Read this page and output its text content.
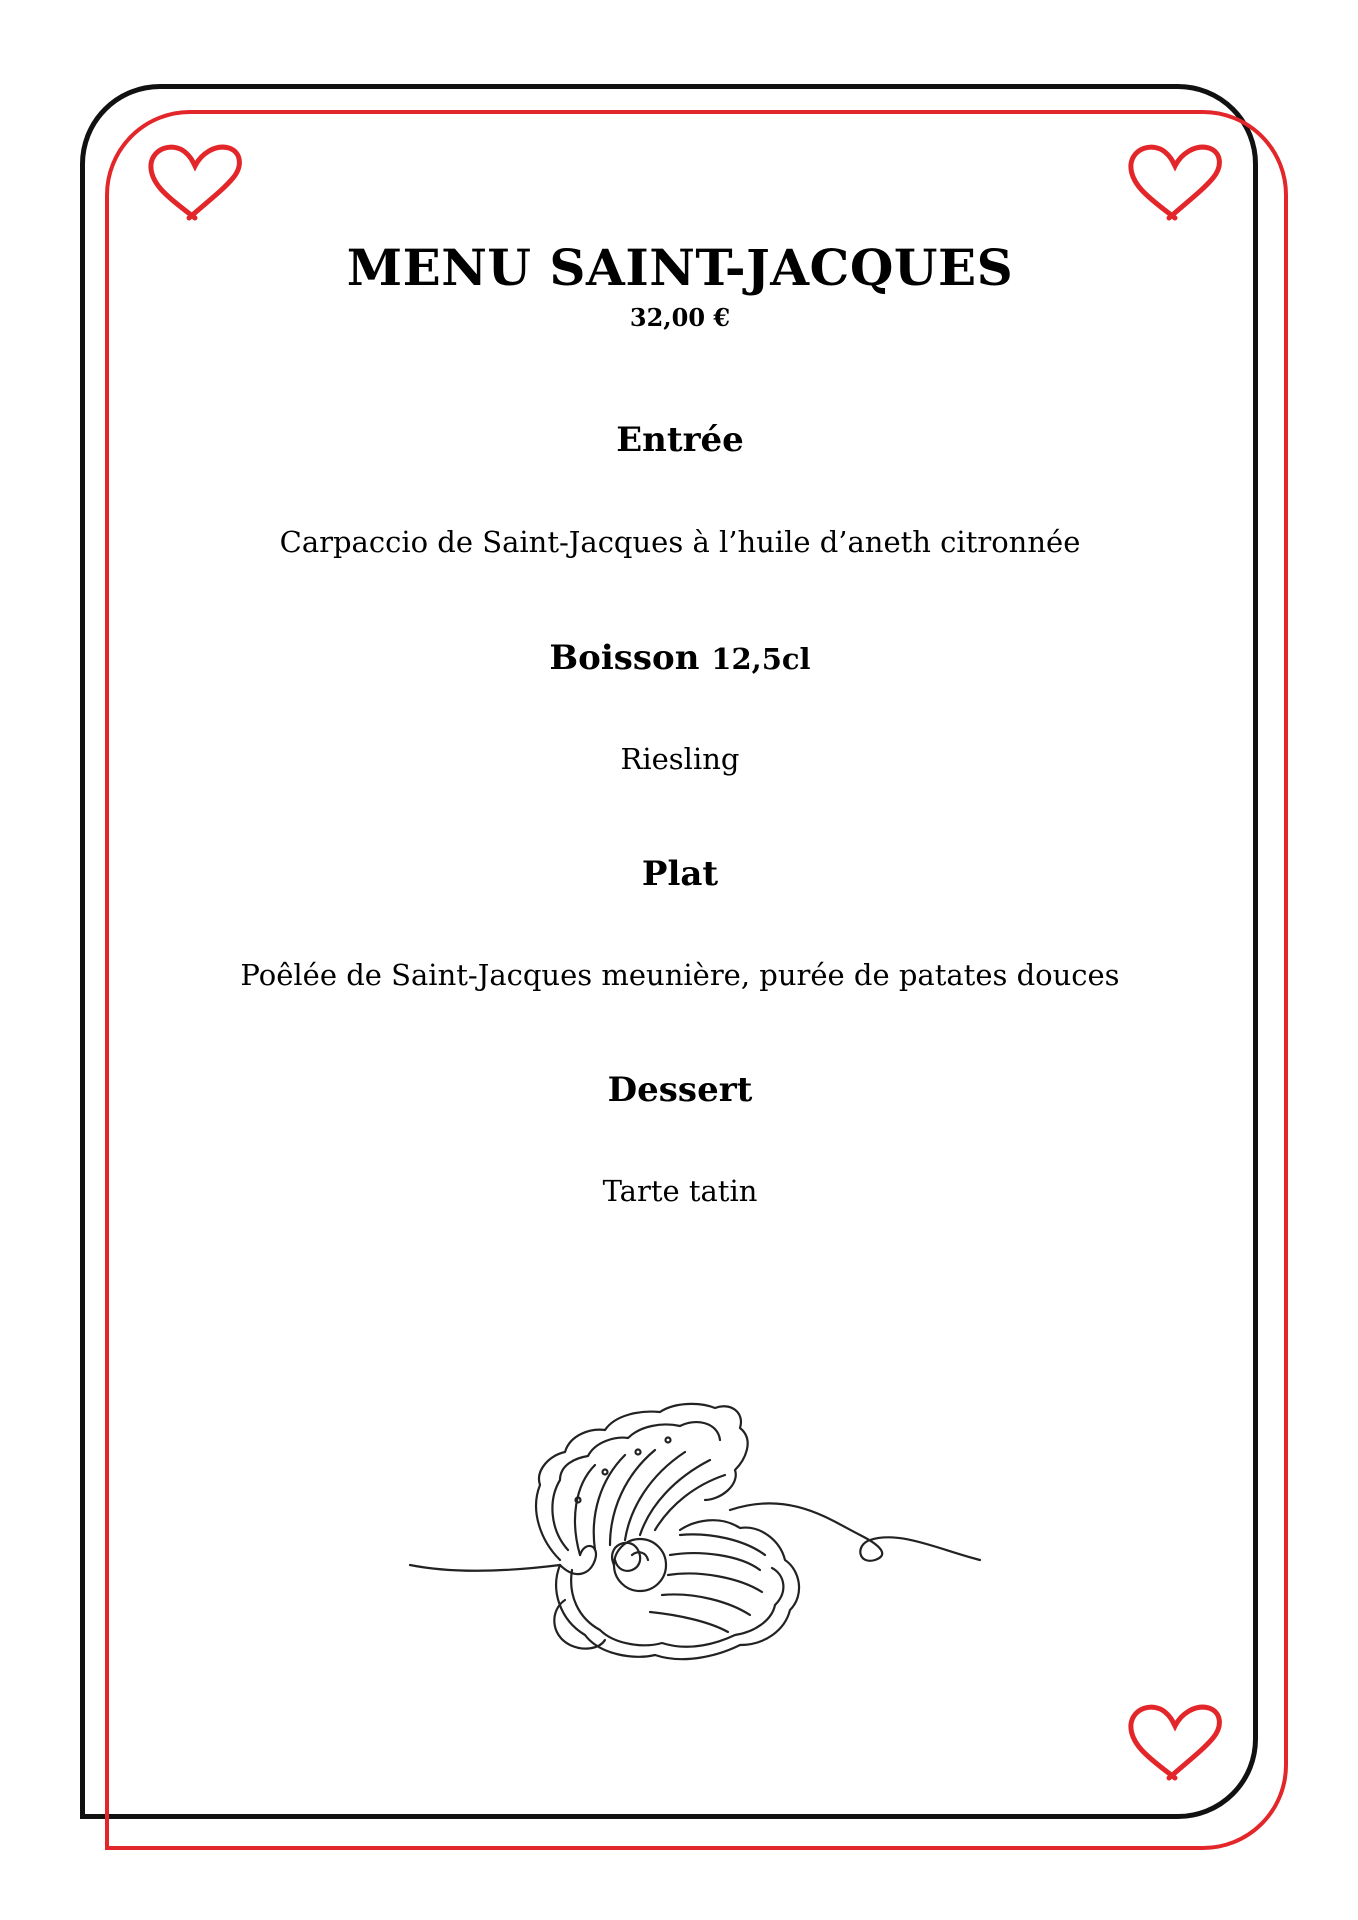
MENU SAINT-JACQUES
32,00 €
Entrée
Carpaccio de Saint-Jacques à l’huile d’aneth citronnée
Boisson 12,5cl
Riesling
Plat
Poêlée de Saint-Jacques meunière, purée de patates douces
Dessert
Tarte tatin
